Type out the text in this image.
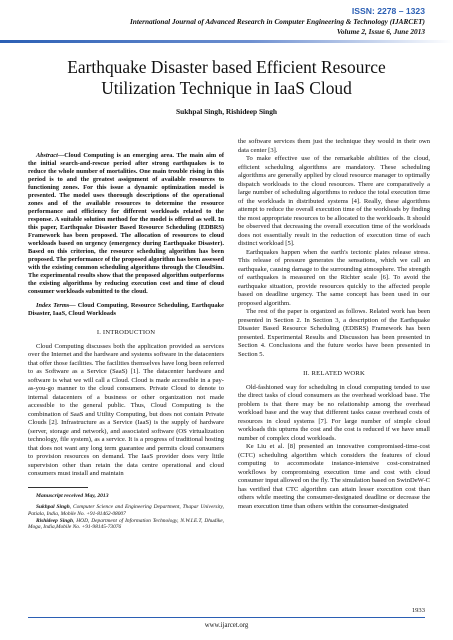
ISSN: 2278 – 1323
International Journal of Advanced Research in Computer Engineering & Technology (IJARCET)
Volume 2, Issue 6, June 2013
Earthquake Disaster based Efficient Resource
Utilization Technique in IaaS Cloud
Sukhpal Singh, Rishideep Singh

Abstract—Cloud Computing is an emerging area. The main aim of the initial search-and-rescue period after strong earthquakes is to reduce the whole number of mortalities. One main trouble rising in this period is to and the greatest assignment of available resources to functioning zones. For this issue a dynamic optimization model is presented. The model uses thorough descriptions of the operational zones and of the available resources to determine the resource performance and efficiency for different workloads related to the response. A suitable solution method for the model is offered as well. In this paper, Earthquake Disaster Based Resource Scheduling (EDBRS) Framework has been proposed. The allocation of resources to cloud workloads based on urgency (emergency during Earthquake Disaster). Based on this criterion, the resource scheduling algorithm has been proposed. The performance of the proposed algorithm has been assessed with the existing common scheduling algorithms through the CloudSim. The experimental results show that the proposed algorithm outperforms the existing algorithms by reducing execution cost and time of cloud consumer workloads submitted to the cloud.

Index Terms— Cloud Computing, Resource Scheduling, Earthquake Disaster, IaaS, Cloud Workloads

I. INTRODUCTION

Cloud Computing discusses both the application provided as services over the Internet and the hardware and systems software in the datacenters that offer those facilities. The facilities themselves have long been referred to as Software as a Service (SaaS) [1]. The datacenter hardware and software is what we will call a Cloud. Cloud is made accessible in a pay-as-you-go manner to the cloud consumers. Private Cloud to denote to internal datacenters of a business or other organization not made accessible to the general public. Thus, Cloud Computing is the combination of SaaS and Utility Computing, but does not contain Private Clouds [2]. Infrastructure as a Service (IaaS) is the supply of hardware (server, storage and network), and associated software (OS virtualization technology, file system), as a service. It is a progress of traditional hosting that does not want any long term guarantee and permits cloud consumers to provision resources on demand. The IaaS provider does very little supervision other than retain the data centre operational and cloud consumers must install and maintain

Manuscript received May, 2013
Sukhpal Singh, Computer Science and Engineering Department, Thapar University, Patiala, India, Mobile No. +91-81462-08007
Rishideep Singh, HOD, Department of Information Technology, N.W.I.E.T, Dhudike, Moga, India,Mobile No. +91-98145-73076

the software services them just the technique they would in their own data center [3].

To make effective use of the remarkable abilities of the cloud, efficient scheduling algorithms are mandatory. These scheduling algorithms are generally applied by cloud resource manager to optimally dispatch workloads to the cloud resources. There are comparatively a large number of scheduling algorithms to reduce the total execution time of the workloads in distributed systems [4]. Really, these algorithms attempt to reduce the overall execution time of the workloads by finding the most appropriate resources to be allocated to the workloads. It should be observed that decreasing the overall execution time of the workloads does not essentially result in the reduction of execution time of each distinct workload [5].

Earthquakes happen when the earth's tectonic plates release stress. This release of pressure generates the sensations, which we call an earthquake, causing damage to the surrounding atmosphere. The strength of earthquakes is measured on the Richter scale [6]. To avoid the earthquake situation, provide resources quickly to the affected people based on deadline urgency. The same concept has been used in our proposed algorithm.

The rest of the paper is organized as follows. Related work has been presented in Section 2. In Section 3, a description of the Earthquake Disaster Based Resource Scheduling (EDBRS) Framework has been presented. Experimental Results and Discussion has been presented in Section 4. Conclusions and the future works have been presented in Section 5.

II. RELATED WORK

Old-fashioned way for scheduling in cloud computing tended to use the direct tasks of cloud consumers as the overhead workload base. The problem is that there may be no relationship among the overhead workload base and the way that different tasks cause overhead costs of resources in cloud systems [7]. For large number of simple cloud workloads this upturns the cost and the cost is reduced if we have small number of complex cloud workloads.

Ke Liu et al. [8] presented an innovative compromised-time-cost (CTC) scheduling algorithm which considers the features of cloud computing to accommodate instance-intensive cost-constrained workflows by compromising execution time and cost with cloud consumer input allowed on the fly. The simulation based on SwinDeW-C has verified that CTC algorithm can attain lesser execution cost than others while meeting the consumer-designated deadline or decrease the mean execution time than others within the consumer-designated

1933
www.ijarcet.org
